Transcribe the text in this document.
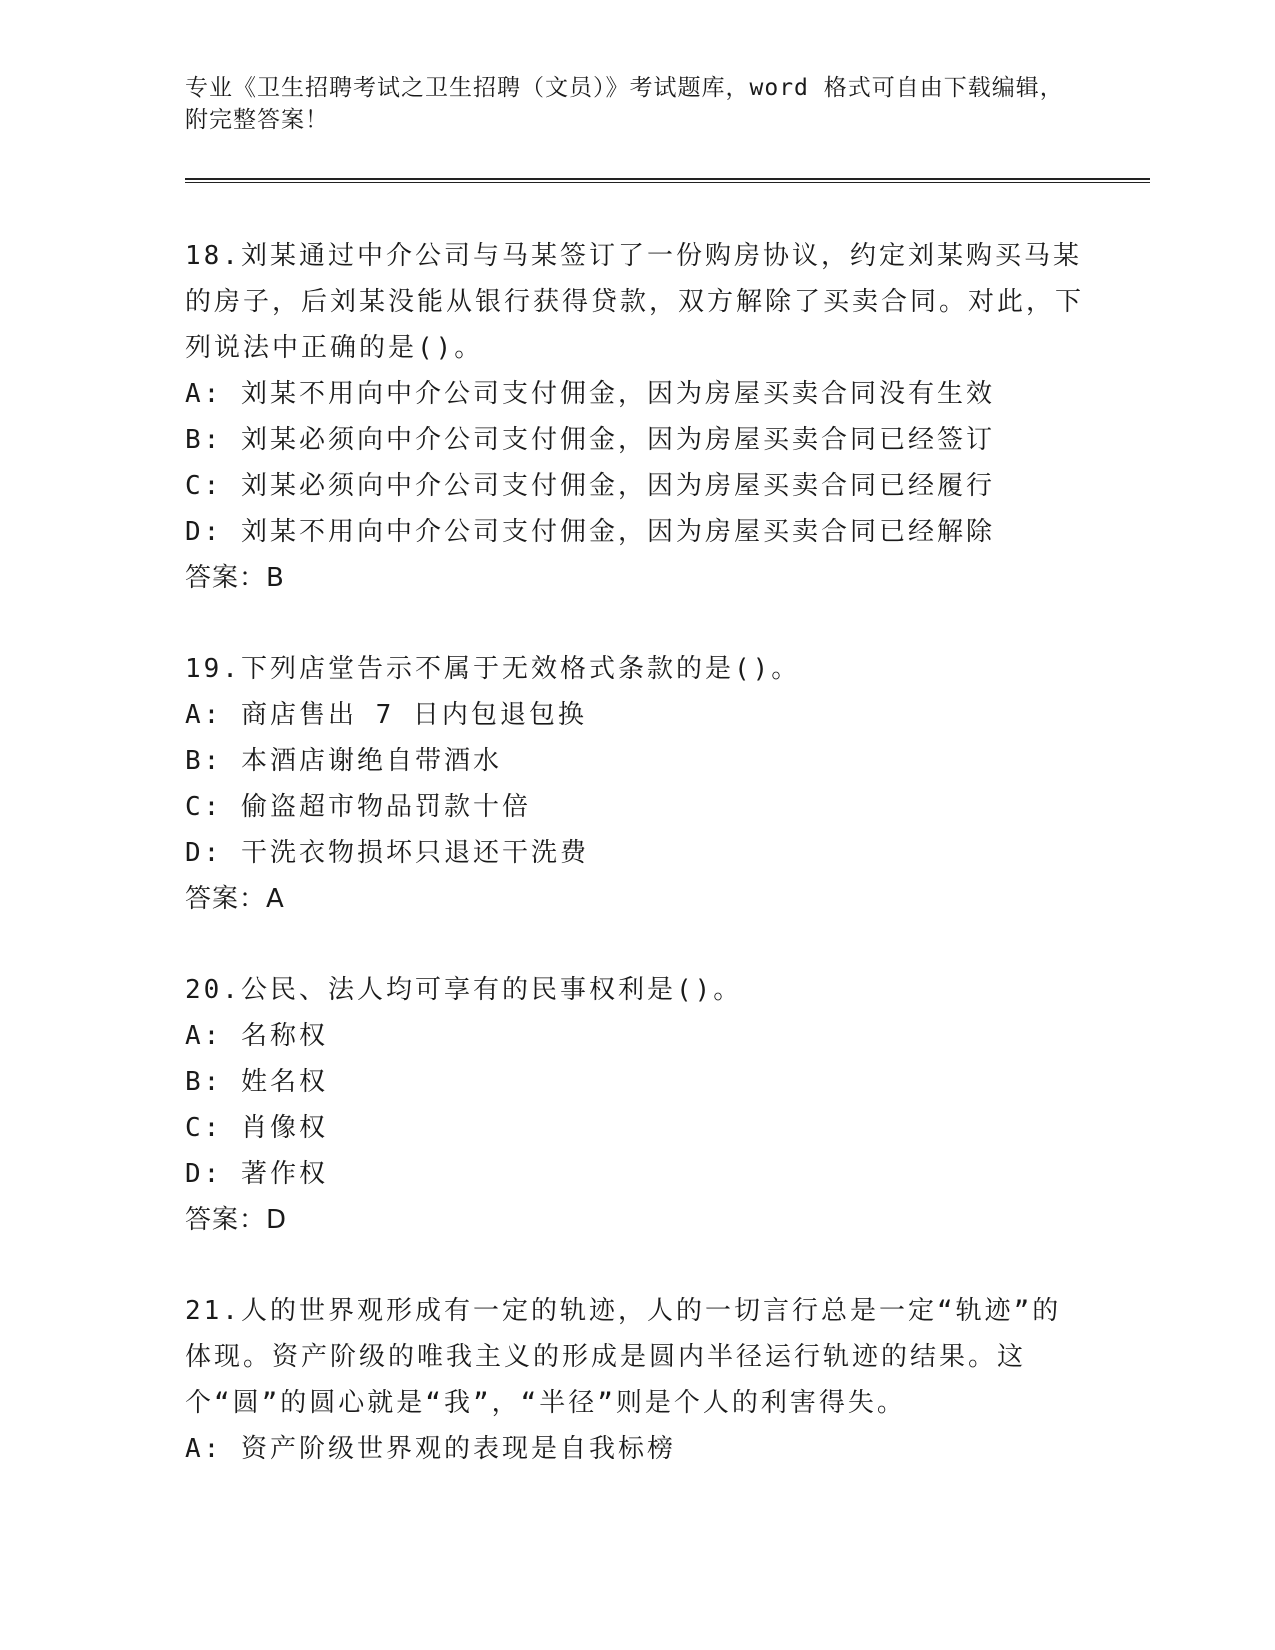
专业《卫生招聘考试之卫生招聘（文员）》考试题库，word 格式可自由下载编辑，附完整答案！

18.刘某通过中介公司与马某签订了一份购房协议，约定刘某购买马某的房子，后刘某没能从银行获得贷款，双方解除了买卖合同。对此，下列说法中正确的是()。

A: 刘某不用向中介公司支付佣金，因为房屋买卖合同没有生效

B: 刘某必须向中介公司支付佣金，因为房屋买卖合同已经签订

C: 刘某必须向中介公司支付佣金，因为房屋买卖合同已经履行

D: 刘某不用向中介公司支付佣金，因为房屋买卖合同已经解除

答案：B

19.下列店堂告示不属于无效格式条款的是()。

A: 商店售出 7 日内包退包换

B: 本酒店谢绝自带酒水

C: 偷盗超市物品罚款十倍

D: 干洗衣物损坏只退还干洗费

答案：A

20.公民、法人均可享有的民事权利是()。

A: 名称权

B: 姓名权

C: 肖像权

D: 著作权

答案：D

21.人的世界观形成有一定的轨迹，人的一切言行总是一定“轨迹”的体现。资产阶级的唯我主义的形成是圆内半径运行轨迹的结果。这个“圆”的圆心就是“我”，“半径”则是个人的利害得失。

A: 资产阶级世界观的表现是自我标榜
